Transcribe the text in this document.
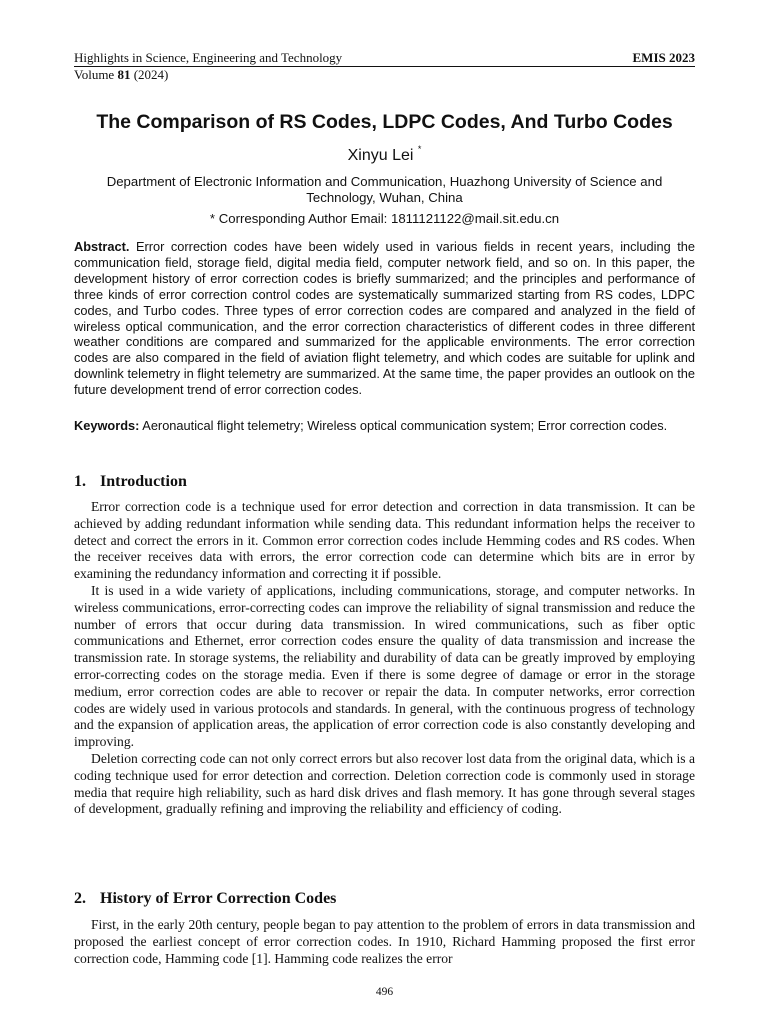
Highlights in Science, Engineering and Technology	EMIS 2023
Volume 81 (2024)
The Comparison of RS Codes, LDPC Codes, And Turbo Codes
Xinyu Lei *
Department of Electronic Information and Communication, Huazhong University of Science and Technology, Wuhan, China
* Corresponding Author Email: 1811121122@mail.sit.edu.cn

Abstract. Error correction codes have been widely used in various fields in recent years, including the communication field, storage field, digital media field, computer network field, and so on. In this paper, the development history of error correction codes is briefly summarized; and the principles and performance of three kinds of error correction control codes are systematically summarized starting from RS codes, LDPC codes, and Turbo codes. Three types of error correction codes are compared and analyzed in the field of wireless optical communication, and the error correction characteristics of different codes in three different weather conditions are compared and summarized for the applicable environments. The error correction codes are also compared in the field of aviation flight telemetry, and which codes are suitable for uplink and downlink telemetry in flight telemetry are summarized. At the same time, the paper provides an outlook on the future development trend of error correction codes.

Keywords: Aeronautical flight telemetry; Wireless optical communication system; Error correction codes.

1. Introduction

Error correction code is a technique used for error detection and correction in data transmission. It can be achieved by adding redundant information while sending data. This redundant information helps the receiver to detect and correct the errors in it. Common error correction codes include Hemming codes and RS codes. When the receiver receives data with errors, the error correction code can determine which bits are in error by examining the redundancy information and correcting it if possible.

It is used in a wide variety of applications, including communications, storage, and computer networks. In wireless communications, error-correcting codes can improve the reliability of signal transmission and reduce the number of errors that occur during data transmission. In wired communications, such as fiber optic communications and Ethernet, error correction codes ensure the quality of data transmission and increase the transmission rate. In storage systems, the reliability and durability of data can be greatly improved by employing error-correcting codes on the storage media. Even if there is some degree of damage or error in the storage medium, error correction codes are able to recover or repair the data. In computer networks, error correction codes are widely used in various protocols and standards. In general, with the continuous progress of technology and the expansion of application areas, the application of error correction code is also constantly developing and improving.

Deletion correcting code can not only correct errors but also recover lost data from the original data, which is a coding technique used for error detection and correction. Deletion correction code is commonly used in storage media that require high reliability, such as hard disk drives and flash memory. It has gone through several stages of development, gradually refining and improving the reliability and efficiency of coding.

2. History of Error Correction Codes

First, in the early 20th century, people began to pay attention to the problem of errors in data transmission and proposed the earliest concept of error correction codes. In 1910, Richard Hamming proposed the first error correction code, Hamming code [1]. Hamming code realizes the error

496
